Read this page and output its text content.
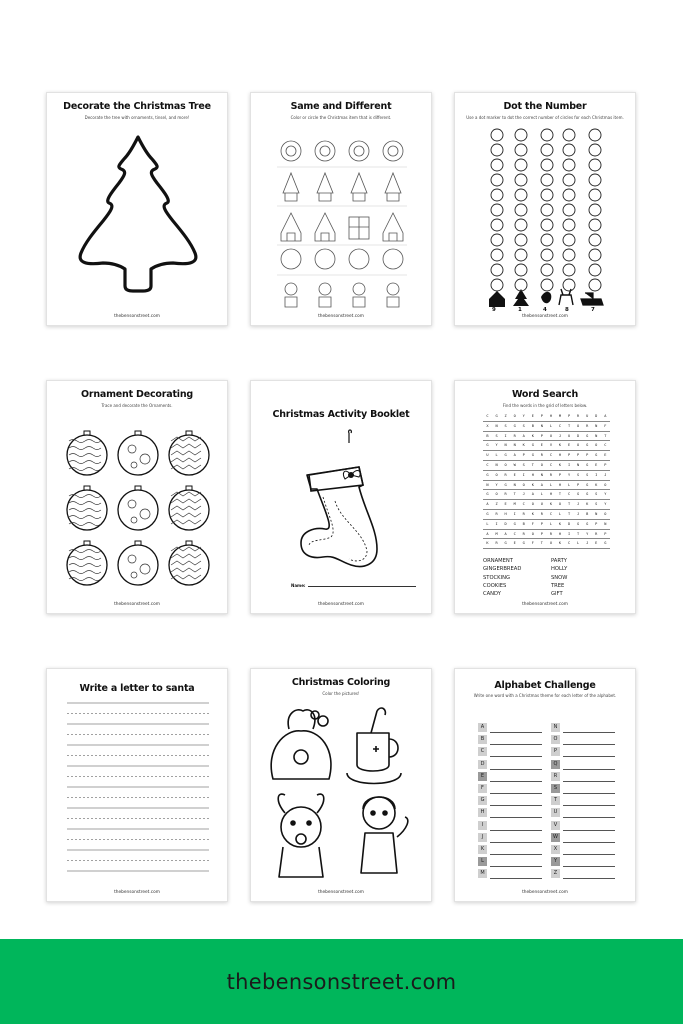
Decorate the Christmas Tree
Decorate the tree with ornaments, tinsel, and more!
thebensonstreet.com
Same and Different
Color or circle the Christmas item that is different.
thebensonstreet.com
Dot the Number
Use a dot marker to dot the correct number of circles for each Christmas item.
9	1	4	8	7
thebensonstreet.com
Ornament Decorating
Trace and decorate the Ornaments.
thebensonstreet.com
Christmas Activity Booklet
Name:
thebensonstreet.com
Word Search
Find the words in the grid of letters below.
C	G	Z	O	Y	E	P	H	M	P	R	U	D	A
X	N	S	G	S	B	N	L	C	T	O	R	N	F
B	S	I	R	A	K	P	U	J	U	D	G	N	T
G	Y	N	N	K	G	E	V	K	E	O	G	O	C
U	L	G	A	P	G	R	C	H	P	P	P	G	E
C	N	O	W	S	T	O	C	K	I	N	G	E	P
G	O	R	E	I	H	N	R	P	Y	S	S	I	J
N	Y	G	N	O	K	A	L	H	L	P	G	K	O
G	O	R	T	J	A	L	H	T	C	G	G	S	Y
A	Z	E	M	C	O	U	K	O	T	J	K	S	Y
G	R	H	I	R	K	R	C	L	T	J	B	N	O
L	I	D	G	B	F	P	L	K	D	G	G	P	N
A	M	A	C	R	O	P	R	H	I	T	Y	R	P
K	R	G	E	G	F	T	U	K	C	L	J	E	G
ORNAMENT
GINGERBREAD
STOCKING
COOKIES
CANDY
PARTY
HOLLY
SNOW
TREE
GIFT
thebensonstreet.com
Write a letter to santa
thebensonstreet.com
Christmas Coloring
Color the pictures!
thebensonstreet.com
Alphabet Challenge
Write one word with a Christmas theme for each letter of the alphabet.
A
B
C
D
E
F
G
H
I
J
K
L
M
N
O
P
Q
R
S
T
U
V
W
X
Y
Z
thebensonstreet.com
thebensonstreet.com
